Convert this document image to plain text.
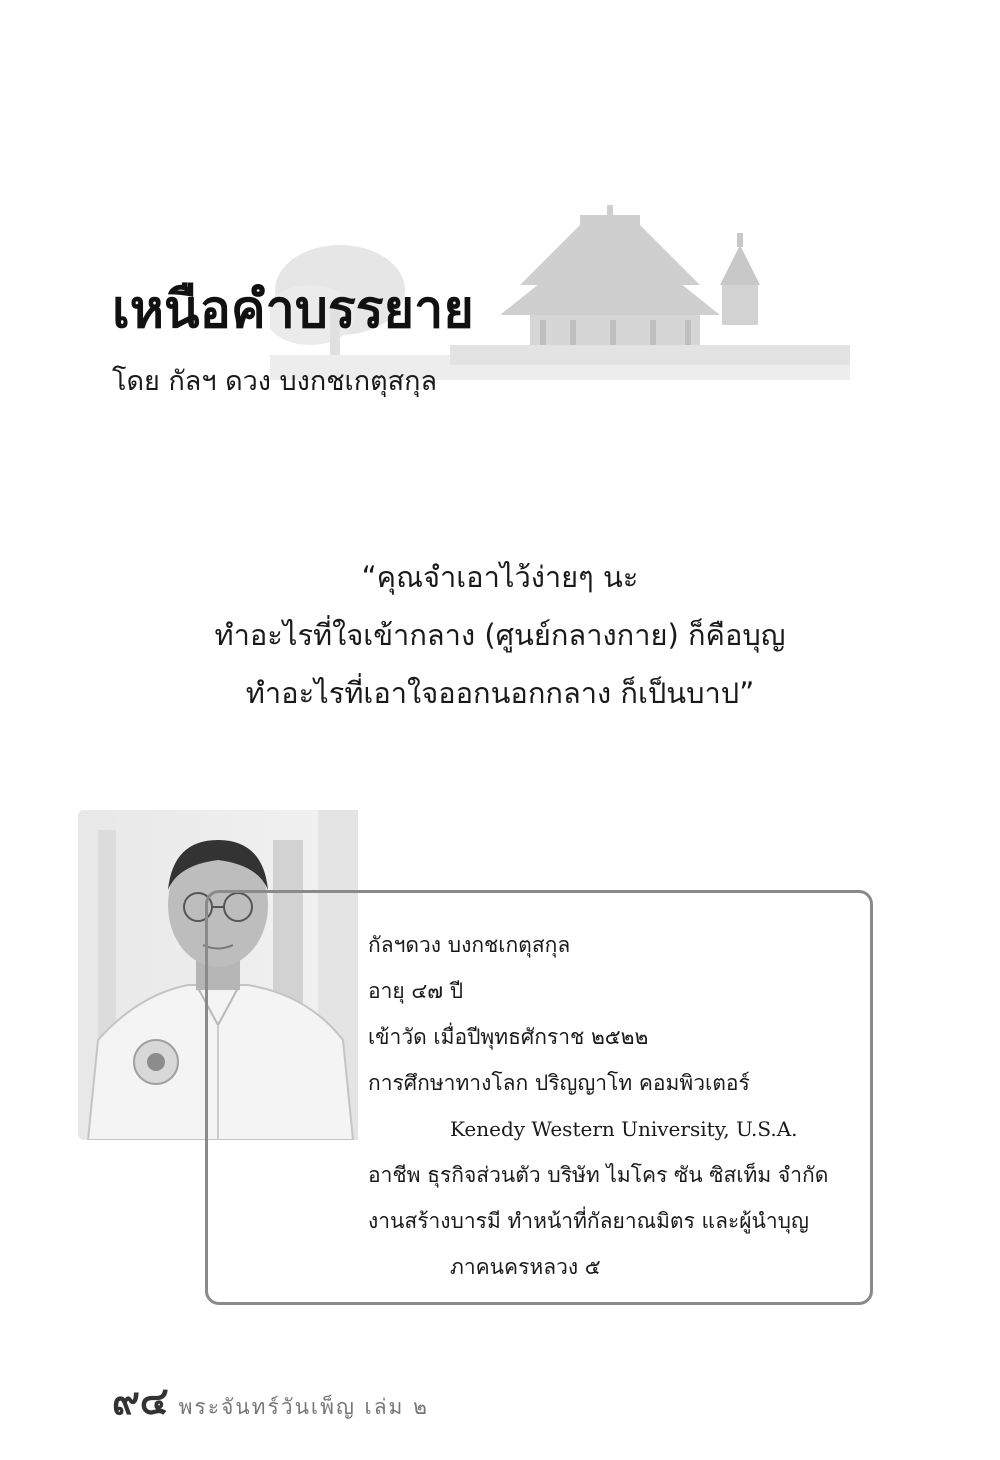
เหนือคำบรรยาย
โดย กัลฯ ดวง บงกชเกตุสกุล
“คุณจำเอาไว้ง่ายๆ นะ
ทำอะไรที่ใจเข้ากลาง (ศูนย์กลางกาย) ก็คือบุญ
ทำอะไรที่เอาใจออกนอกกลาง ก็เป็นบาป”
กัลฯดวง บงกชเกตุสกุล
อายุ ๔๗ ปี
เข้าวัด เมื่อปีพุทธศักราช ๒๕๒๒
การศึกษาทางโลก ปริญญาโท คอมพิวเตอร์
Kenedy Western University, U.S.A.
อาชีพ ธุรกิจส่วนตัว บริษัท ไมโคร ซัน ซิสเท็ม จำกัด
งานสร้างบารมี ทำหน้าที่กัลยาณมิตร และผู้นำบุญ
ภาคนครหลวง ๕
๙๔ พระจันทร์วันเพ็ญ เล่ม ๒
